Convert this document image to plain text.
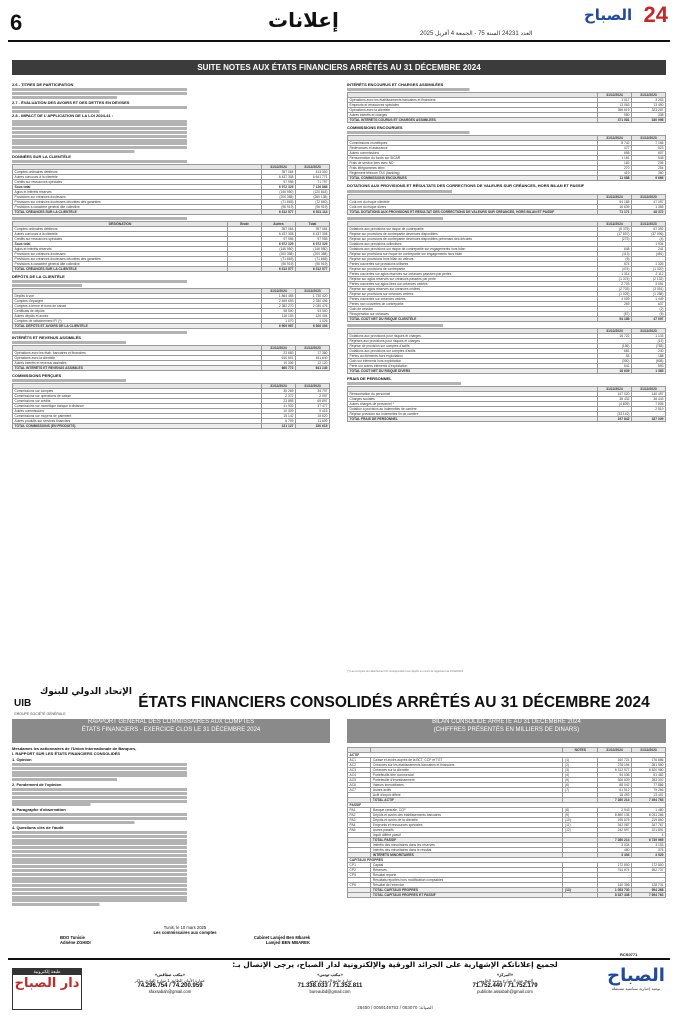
6	إعلانات
العدد 24231 السنة 75 - الجمعة 4 أفريل 2025
24
الصباح
SUITE NOTES AUX ÉTATS FINANCIERS ARRÊTÉS AU 31 DÉCEMBRE 2024
2.6 - TITRES DE PARTICIPATION
2.7 - ÉVALUATION DES AVOIRS ET DES DETTES EN DEVISES
2.8 - IMPACT DE L'APPLICATION DE LA LOI 2024-41 :
DONNÉES SUR LA CLIENTÈLE
	31/12/2024	31/12/2023
Comptes ordinaires débiteurs	397 064	413 300
Autres concours à la clientèle	6 437 308	6 641 771
Crédits sur ressources spéciales	97 955	71 797
Sous total	6 972 329	7 126 868
Agios et intérêts réservés	(146 950)	(120 818)
Provisions sur créances douteuses	(200 358)	(260 138)
Provisions sur créances douteuses décotées des garanties	(71 665)	(72 660)
Provisions à caractère général dite collective	(96 919)	(96 919)
TOTAL CRÉANCES SUR LA CLIENTÈLE	6 312 577	6 521 114
DÉSIGNATION	Brute	Autres	Total
Comptes ordinaires débiteurs		397 064	397 064
Autres concours à la clientèle		6 437 308	6 437 308
Crédits sur ressources spéciales		97 955	97 955
Sous total		6 972 329	6 972 329
Agios et intérêts réservés		(146 950)	(146 950)
Provisions sur créances douteuses		(200 358)	(200 358)
Provisions sur créances douteuses décotées des garanties		(71 665)	(71 665)
Provisions à caractère général dite collective		(96 919)	(96 919)
TOTAL CRÉANCES SUR LA CLIENTÈLE		6 312 577	6 312 577
DÉPÔTS DE LA CLIENTÈLE
	31/12/2024	31/12/2023
Dépôts à vue	1 864 455	1 730 420
Comptes d'épargne	2 469 693	2 330 496
Comptes à terme et bons de caisse	2 382 270	2 030 476
Certificats de dépôts	98 500	93 500
Autres dépôts et avoirs	116 153	120 404
Comptes de rattachement IFI (*)	1 070	1 026
TOTAL DÉPÔTS ET AVOIRS DE LA CLIENTÈLE	6 909 967	6 306 303
INTÉRÊTS ET REVENUS ASSIMILÉS
	31/12/2024	31/12/2023
Opérations avec les étab. bancaires et financiers	23 683	17 380
Opérations avec la clientèle	610 601	611 640
Autres intérêts et revenus assimilés	10 306	12 120
TOTAL INTÉRÊTS ET REVENUS ASSIMILÉS	660 772	641 140
COMMISSIONS PERÇUES
	31/12/2024	31/12/2023
Commissions sur comptes	35 269	34 797
Commissions sur opérations de caisse	2 372	2 097
Commissions sur crédits	23 895	69 897
Commissions sur monétique banque à distance	41 932	37 477
Autres commissions	10 309	9 415
Commissions sur moyens de paiement	15 142	15 620
Autres produits sur services financiers	6 709	11 609
TOTAL COMMISSIONS (EN PRODUITS)	131 127	150 615
INTÉRÊTS ENCOURUS ET CHARGES ASSIMILÉES
	31/12/2024	31/12/2023
Opérations avec les établissements bancaires et financiers	1 017	3 253
Emprunts et ressources spéciales	13 063	13 490
Opérations avec la clientèle	356 619	323 287
Autres intérêts et charges	950	338
TOTAL INTÉRÊTS COURUS ET CHARGES ASSIMILÉES	371 081	330 998
COMMISSIONS ENCOURUES
	31/12/2024	31/12/2023
Commissions monétiques	8 742	7 166
Redevances et assurance	477	523
Autres commissions	658	607
Rémunération du fonds sur SICAR	1 181	548
Frais de service tiers avec ND	182	206
Frais télégrammes telex	270	254
Règlement télécom TAX (banking)	419	360
TOTAL COMMISSIONS ENCOURUES	11 088	9 666
DOTATIONS AUX PROVISIONS ET RÉSULTATS DES CORRECTIONS DE VALEURS SUR CRÉANCES, HORS BILAN ET PASSIF
	31/12/2024	31/12/2023
Coût net du risque clientèle	54 185	47 097
Coût net du risque divers	16 639	1 365
TOTAL DOTATIONS AUX PROVISIONS ET RÉSULTAT DES CORRECTIONS DE VALEURS SUR CRÉANCES, HORS BILAN ET PASSIF	71 171	48 372
	31/12/2024	31/12/2023
Dotations aux provisions sur risque de contrepartie	(5 375)	67 392
Reprise sur provisions de contrepartie devenues disponibles	(17 897)	(37 096)
Reprise sur provisions de contrepartie devenues disponibles prévenant des décotes	(273)	(4)
Dotations aux provisions collectives	-	1 534
Dotations aux provisions sur risque de contrepartie sur engagements hors bilan	648	241
Reprise sur provisions sur risque de contrepartie sur engagements hors bilan	(113)	(481)
Reprise sur provisions hors bilan au valeurs	(5)	-
Pertes couvertes sur provisions utilisées	674	1 326
Reprise sur provisions de contrepartie	(474)	(1 320)
Pertes couvertes sur agios réservés sur créances passives par pertes	1 314	2 112
Reprise sur agios réservés sur créances passées par perte	(1 374)	(2 132)
Pertes couvertes sur agios liées sur créances cédées	2 703	3 051
Reprise sur agios réservés sur créances cédées	(2 703)	(3 051)
Reprise sur provisions sur créances cédées	(1 029)	(1 258)
Pertes couvertes sur créances cédées	4 009	1 449
Pertes non couvertes de contrepartie	269	637
Gain de cession	-	(2)
Récupération sur créances	(87)	(5)
TOTAL COÛT NET DU RISQUE CLIENTÈLE	54 185	47 097
	31/12/2024	31/12/2023
Dotations aux provisions pour risques et charges	16 722	1 133
Reprises aux provisions pour risques et charges	-	(13)
Reprise de provision sur comptes d'actifs	(156)	(783)
Dotations aux provisions sur comptes d'actifs	681	240
Pertes au éléments hors exploitation	54	188
Gain sur éléments hors exploitation	(300)	(608)
Perte sur autres éléments d'exploitation	641	593
TOTAL COÛT NET DU RISQUE DIVERS	16 639	1 365
FRAIS DE PERSONNEL
	31/12/2024	31/12/2023
Rémunération du personnel	147 020	140 497
Charges sociales	38 432	36 443
Autres charges de personnel *	(4 609)	7 805
Dotation à provision au indemnités de carrière	-	2 519
Reprise provision sur indemnités fin de carrière	(33 142)	-
TOTAL FRAIS DE PERSONNEL	197 842	187 009
(*) Les comptes de rattachement IFI correspondent aux dépôts en cours de règlement au 31/12/2024.
الإتحاد الدولي للبنوك
UIB
GROUPE SOCIÉTÉ GÉNÉRALE
ÉTATS FINANCIERS CONSOLIDÉS ARRÊTÉS AU 31 DÉCEMBRE 2024
RAPPORT GÉNÉRAL DES COMMISSAIRES AUX COMPTES
ÉTATS FINANCIERS - EXERCICE CLOS LE 31 DÉCEMBRE 2024
BILAN CONSOLIDÉ ARRÊTÉ AU 31 DÉCEMBRE 2024
(CHIFFRES PRÉSENTÉS EN MILLIERS DE DINARS)
Mesdames les actionnaires de l'Union Internationale de Banques,
I. RAPPORT SUR LES ÉTATS FINANCIERS CONSOLIDÉS
1. Opinion
2. Fondement de l'opinion
3. Paragraphe d'observation
4. Questions clés de l'audit
Tunis, le 10 mars 2025
Les commissaires aux comptes
BDO Tunisie
Adnène ZGHIDI
Cabinet Lamjed Ben Mbarek
Lamjed BEN MBAREK
		NOTES	31/12/2024	31/12/2023
ACTIF				
AC1	Caisse et avoirs auprès de la BCT, CCP et TGT	(1)	160 721	176 886
AC2	Créances sur les établissements bancaires et financiers	(2)	278 194	281 560
AC3	Créances sur la clientèle	(3)	6 312 577	6 520 980
AC4	Portefeuille-titre commercial	(4)	54 036	61 482
AC5	Portefeuille d'investissement	(5)	306 639	283 302
AC6	Valeurs immobilisées	(6)	88 042	77 886
AC7	Autres actifs	(7)	61 512	79 266
	Actif d'impôt différé		18 493	13 401
	TOTAL ACTIF		7 280 214	7 494 763
PASSIF				
PA1	Banque centrale, CCP	(8)	2 943	1 480
PA2	Dépôts et avoirs des établissements bancaires	(9)	8 890 135	6 031 266
PA3	Dépôts et avoirs de la clientèle	(10)	195 675	219 860
PA4	Emprunts et ressources spéciales	(11)	342 087	347 767
PA5	Autres passifs	(12)	242 597	221 891
	Impôt différé passif			4
	TOTAL PASSIF		7 280 214	6 739 965
	Intérêts des minoritaires dans les réserves		3 034	3 153
	Intérêts des minoritaires dans le résultat		460	376
	INTÉRÊTS MINORITAIRES		3 494	3 529
CAPITAUX PROPRES				
CP1	Capital		172 800	172 800
CP2	Réserves		744 674	652 737
CP5	Résultat reporté		-	-
	Résultats reportés hors modification comptables		-	-
CP6	Résultat de l'exercice		140 356	128 731
	TOTAL CAPITAUX PROPRES	(13)	1 053 730	954 268
	TOTAL CAPITAUX PROPRES ET PASSIF		8 337 438	7 694 763
RCS0771
لجميع إعلاناتكم الإشهارية على الجرائد الورقية والإلكترونية لدار الصباح، يرجى الإتصال بـ:
طبعة إلكترونية
دار الصباح
«مكتب صفاقس»
عمارة الأمان الطابق 1 شارع الهادي شاكر
74.200.959 / 74.296.754
sfaxsabah@gmail.com
«مكتب تونس»
شارع جامع الزيتونة تونس
71.352.811 / 71.338.033
bureaubd@gmail.com
«المركز»
النهج عدد 4 شارع محمد الخامس
71.752.179 / 71.752.440
publicite.assabah@gmail.com
الصباح
يومية إخبارية سياسية مستقلة
الصيانة: 083070 / 0059149753 / 28450
